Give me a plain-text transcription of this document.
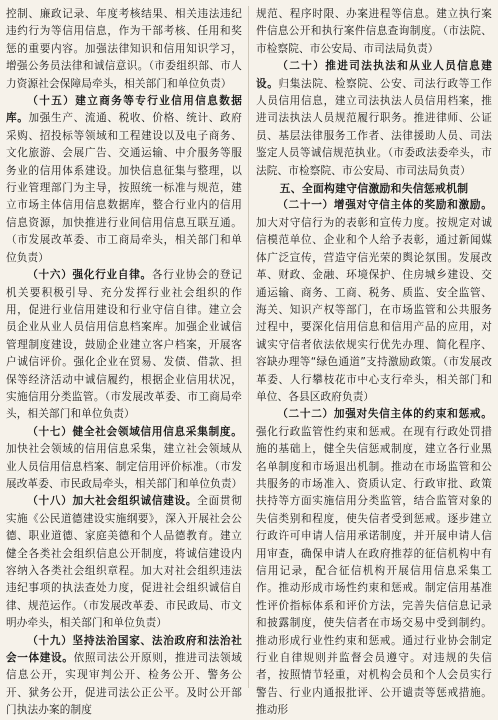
控制、廉政记录、年度考核结果、相关违法违纪违约行为等信用信息，作为干部考核、任用和奖惩的重要内容。加强法律知识和信用知识学习，增强公务员法律和诚信意识。（市委组织部、市人力资源社会保障局牵头，相关部门和单位负责）

（十五）建立商务等专行业信用信息数据库。加强生产、流通、税收、价格、统计、政府采购、招投标等领域和工程建设以及电子商务、文化旅游、会展广告、交通运输、中介服务等服务业的信用体系建设。加快信息征集与整理，以行业管理部门为主导，按照统一标准与规范，建立市场主体信用信息数据库，整合行业内的信用信息资源，加快推进行业间信用信息互联互通。（市发展改革委、市工商局牵头，相关部门和单位负责）

（十六）强化行业自律。各行业协会的登记机关要积极引导、充分发挥行业社会组织的作用，促进行业信用建设和行业守信自律。建立会员企业从业人员信用信息档案库。加强企业诚信管理制度建设，鼓励企业建立客户档案，开展客户诚信评价。强化企业在贸易、发债、借款、担保等经济活动中诚信履约，根据企业信用状况，实施信用分类监管。（市发展改革委、市工商局牵头，相关部门和单位负责）

（十七）健全社会领域信用信息采集制度。加快社会领域的信用信息采集，建立社会领域从业人员信用信息档案、制定信用评价标准。（市发展改革委、市民政局牵头，相关部门和单位负责）

（十八）加大社会组织诚信建设。全面贯彻实施《公民道德建设实施纲要》，深入开展社会公德、职业道德、家庭美德和个人品德教育。建立健全各类社会组织信息公开制度，将诚信建设内容纳入各类社会组织章程。加大对社会组织违法违纪事项的执法查处力度，促进社会组织诚信自律、规范运作。（市发展改革委、市民政局、市文明办牵头，相关部门和单位负责）

（十九）坚持法治国家、法治政府和法治社会一体建设。依照司法公开原则，推进司法领域信息公开，实现审判公开、检务公开、警务公开、狱务公开，促进司法公正公平。及时公开部门执法办案的制度

规范、程序时限、办案进程等信息。建立执行案件信息公开和执行案件信息查询制度。（市法院、市检察院、市公安局、市司法局负责）

（二十）推进司法执法和从业人员信息建设。归集法院、检察院、公安、司法行政等工作人员信用信息，建立司法执法人员信用档案，推进司法执法人员规范履行职务。推进律师、公证员、基层法律服务工作者、法律援助人员、司法鉴定人员等诚信规范执业。（市委政法委牵头，市法院、市检察院、市公安局、市司法局负责）

五、全面构建守信激励和失信惩戒机制

（二十一）增强对守信主体的奖励和激励。加大对守信行为的表彰和宣传力度。按规定对诚信模范单位、企业和个人给予表彰，通过新闻媒体广泛宣传，营造守信光荣的舆论氛围。发展改革、财政、金融、环境保护、住房城乡建设、交通运输、商务、工商、税务、质监、安全监管、海关、知识产权等部门，在市场监管和公共服务过程中，要深化信用信息和信用产品的应用，对诚实守信者依法依规实行优先办理、简化程序、容缺办理等“绿色通道”支持激励政策。（市发展改革委、人行攀枝花市中心支行牵头，相关部门和单位、各县区政府负责）

（二十二）加强对失信主体的约束和惩戒。强化行政监管性约束和惩戒。在现有行政处罚措施的基础上，健全失信惩戒制度，建立各行业黑名单制度和市场退出机制。推动在市场监管和公共服务的市场准入、资质认定、行政审批、政策扶持等方面实施信用分类监管，结合监管对象的失信类别和程度，使失信者受到惩戒。逐步建立行政许可申请人信用承诺制度，并开展申请人信用审查，确保申请人在政府推荐的征信机构中有信用记录，配合征信机构开展信用信息采集工作。推动形成市场性约束和惩戒。制定信用基准性评价指标体系和评价方法，完善失信信息记录和披露制度，使失信者在市场交易中受到制约。推动形成行业性约束和惩戒。通过行业协会制定行业自律规则并监督会员遵守。对违规的失信者，按照情节轻重，对机构会员和个人会员实行警告、行业内通报批评、公开谴责等惩戒措施。推动形
